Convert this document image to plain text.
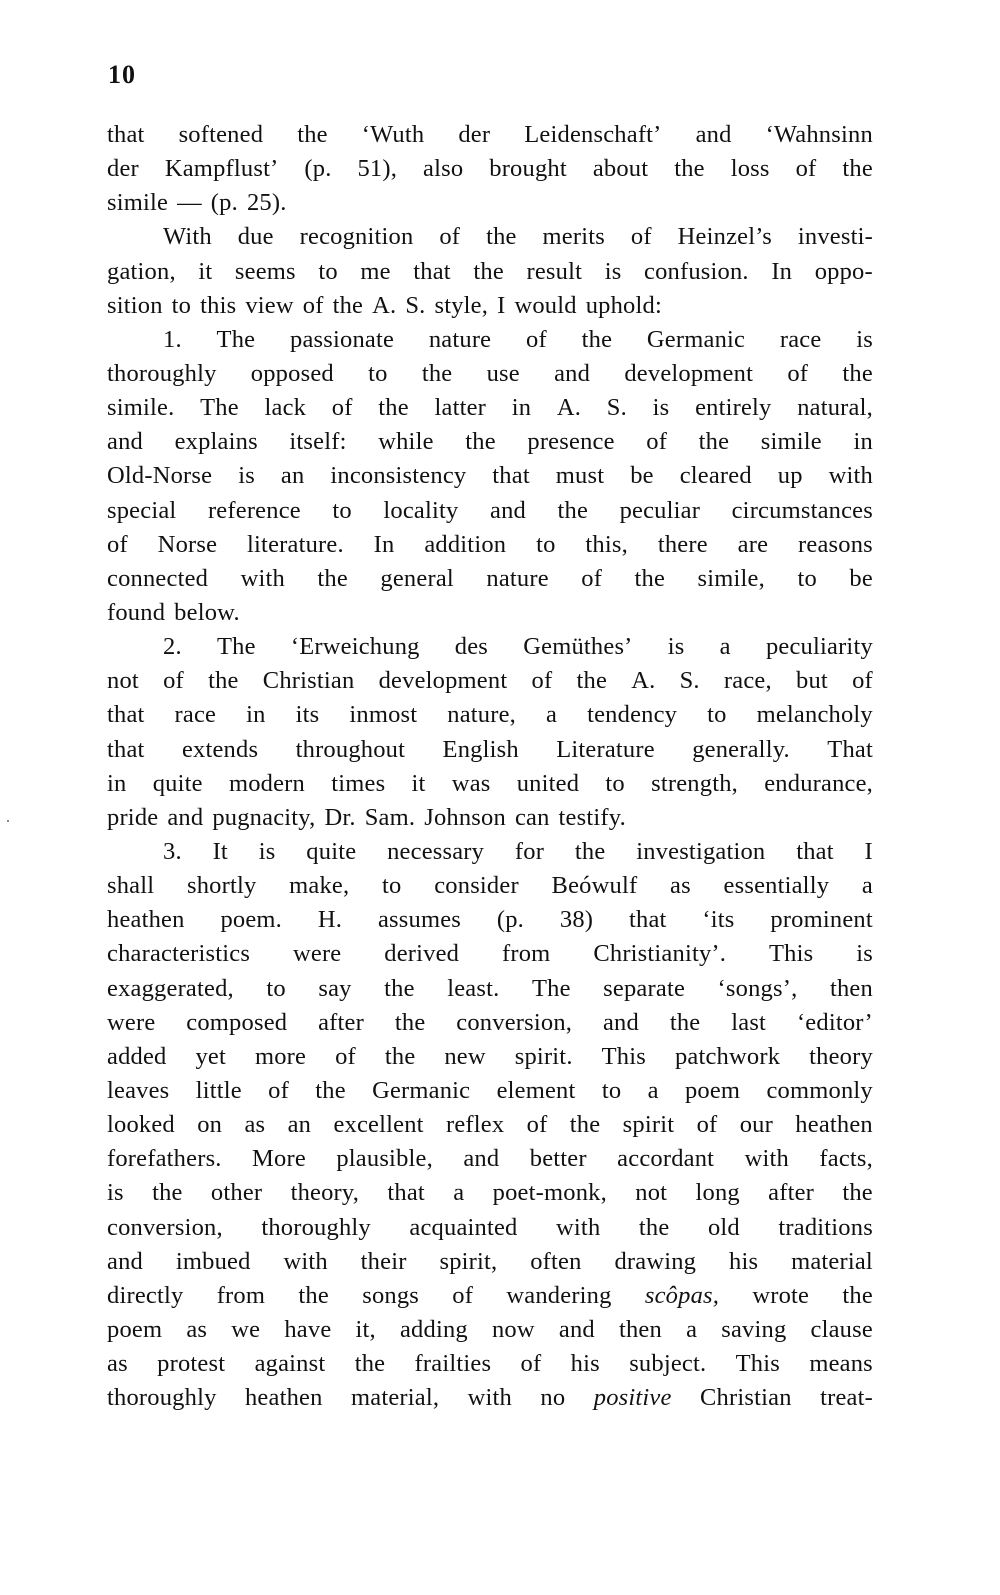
10
that softened the ‘Wuth der Leidenschaft’ and ‘Wahnsinn
der Kampflust’ (p. 51), also brought about the loss of the
simile — (p. 25).
With due recognition of the merits of Heinzel’s investi-
gation, it seems to me that the result is confusion. In oppo-
sition to this view of the A. S. style, I would uphold:
1. The passionate nature of the Germanic race is
thoroughly opposed to the use and development of the
simile. The lack of the latter in A. S. is entirely natural,
and explains itself: while the presence of the simile in
Old-Norse is an inconsistency that must be cleared up with
special reference to locality and the peculiar circumstances
of Norse literature. In addition to this, there are reasons
connected with the general nature of the simile, to be
found below.
2. The ‘Erweichung des Gemüthes’ is a peculiarity
not of the Christian development of the A. S. race, but of
that race in its inmost nature, a tendency to melancholy
that extends throughout English Literature generally. That
in quite modern times it was united to strength, endurance,
pride and pugnacity, Dr. Sam. Johnson can testify.
3. It is quite necessary for the investigation that I
shall shortly make, to consider Beówulf as essentially a
heathen poem. H. assumes (p. 38) that ‘its prominent
characteristics were derived from Christianity’. This is
exaggerated, to say the least. The separate ‘songs’, then
were composed after the conversion, and the last ‘editor’
added yet more of the new spirit. This patchwork theory
leaves little of the Germanic element to a poem commonly
looked on as an excellent reflex of the spirit of our heathen
forefathers. More plausible, and better accordant with facts,
is the other theory, that a poet-monk, not long after the
conversion, thoroughly acquainted with the old traditions
and imbued with their spirit, often drawing his material
directly from the songs of wandering scôpas, wrote the
poem as we have it, adding now and then a saving clause
as protest against the frailties of his subject. This means
thoroughly heathen material, with no positive Christian treat-
